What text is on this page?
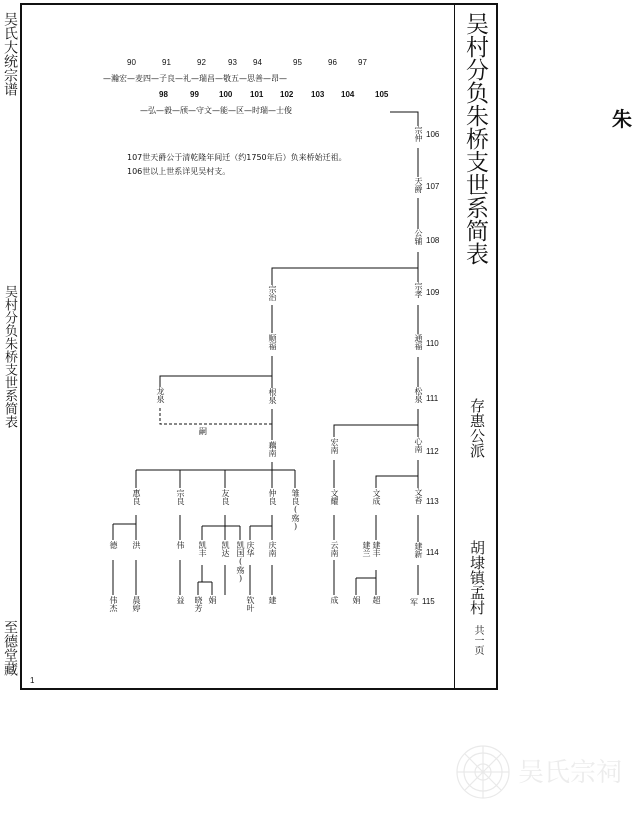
吴氏大统宗谱
吴村分负朱桥支世系简表
至德堂藏
吴村分负朱桥支世系简表
存惠公派
胡埭镇孟村
共一页
朱
1
吴氏宗祠
90	91	92	93 94	95	96	97
—瀚宏—麦四—子良—礼—瑞昌—敬五—思善—昂—
98	99	100 101 102 103 104	105
—弘—毅—颀—守文—能—区—时瑞—士俊
107世天爵公于清乾隆年间迁（约1750年后）负来桥始迁祖。
106世以上世系详见吴村支。
宗仲 106
天爵 107
公辅 108
宗孝 109
通福 110
松泉 111
心南 112
文苔 113
建新 114
军 115
宗治
顺福
根泉
龙泉
嗣
藕南
惠良	宗良	友良	仲良 雏良(殇)
德 洪	伟 凯丰 凯达 凯国(殇) 庆华 庆南
伟杰 晨婷	益 晓芳 娟	钦叶 建
宏南
文耀
云南
成
文成
建丰
建兰
娟 超
